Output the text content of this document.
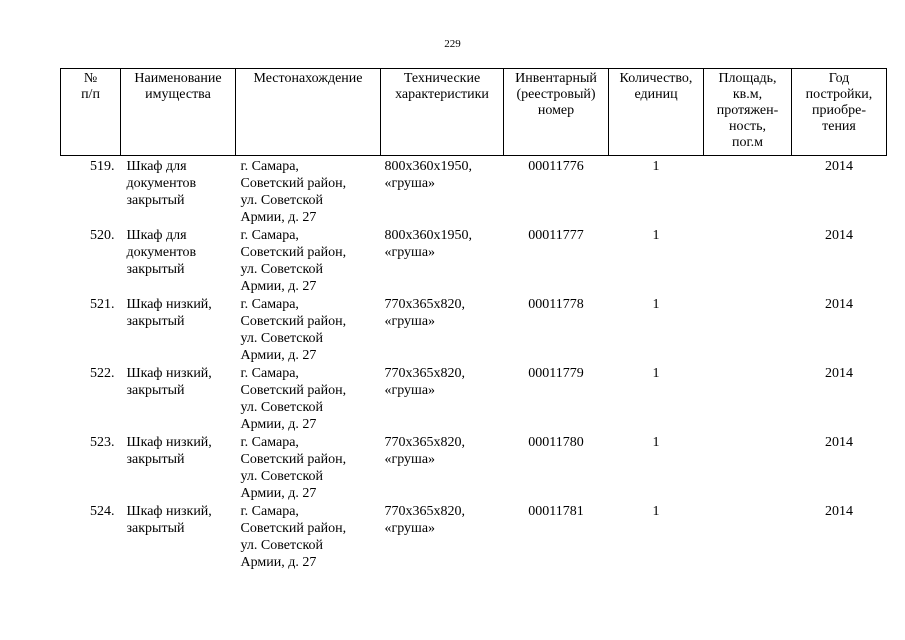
229
№
п/п	Наименование
имущества	Местонахождение	Технические
характеристики	Инвентарный
(реестровый)
номер	Количество,
единиц	Площадь,
кв.м,
протяжен-
ность,
пог.м	Год
постройки,
приобре-
тения
519.	Шкаф для
документов
закрытый	г. Самара,
Советский район,
ул. Советской
Армии, д. 27	800х360х1950,
«груша»	00011776	1		2014
520.	Шкаф для
документов
закрытый	г. Самара,
Советский район,
ул. Советской
Армии, д. 27	800х360х1950,
«груша»	00011777	1		2014
521.	Шкаф низкий,
закрытый	г. Самара,
Советский район,
ул. Советской
Армии, д. 27	770х365х820,
«груша»	00011778	1		2014
522.	Шкаф низкий,
закрытый	г. Самара,
Советский район,
ул. Советской
Армии, д. 27	770х365х820,
«груша»	00011779	1		2014
523.	Шкаф низкий,
закрытый	г. Самара,
Советский район,
ул. Советской
Армии, д. 27	770х365х820,
«груша»	00011780	1		2014
524.	Шкаф низкий,
закрытый	г. Самара,
Советский район,
ул. Советской
Армии, д. 27	770х365х820,
«груша»	00011781	1		2014
